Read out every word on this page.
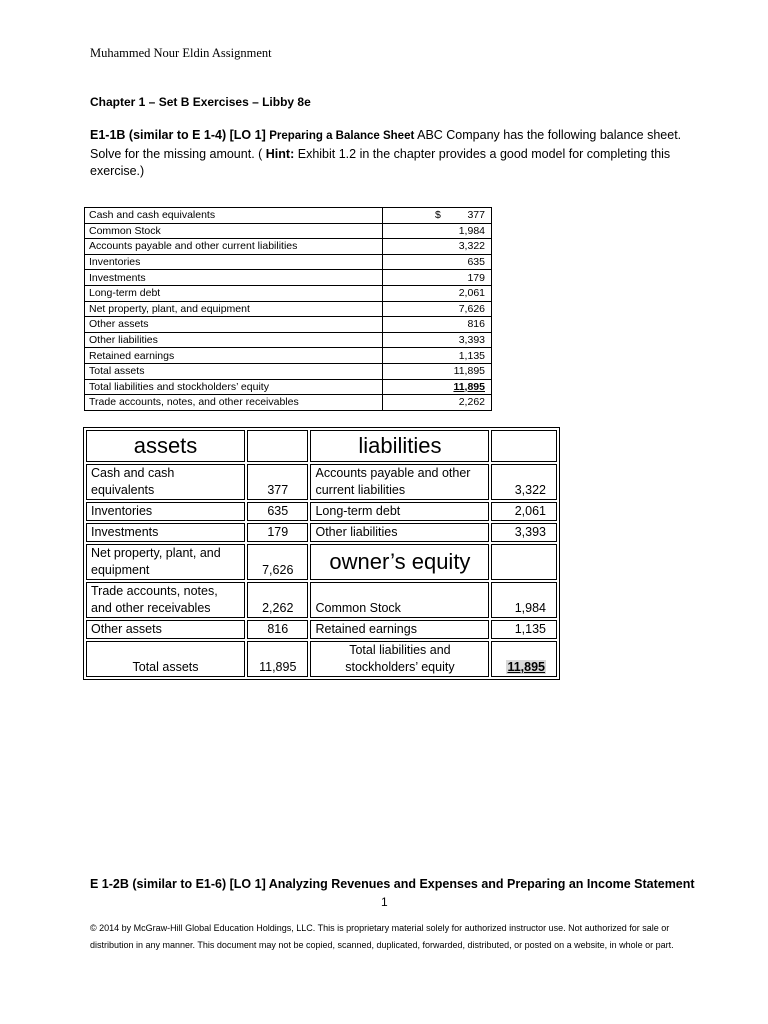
Muhammed Nour Eldin Assignment
Chapter 1 – Set B Exercises – Libby 8e
E1-1B (similar to E 1-4) [LO 1] Preparing a Balance Sheet ABC Company has the following balance sheet. Solve for the missing amount. ( Hint: Exhibit 1.2 in the chapter provides a good model for completing this exercise.)
Cash and cash equivalents	$ 377
Common Stock	1,984
Accounts payable and other current liabilities	3,322
Inventories	635
Investments	179
Long-term debt	2,061
Net property, plant, and equipment	7,626
Other assets	816
Other liabilities	3,393
Retained earnings	1,135
Total assets	11,895
Total liabilities and stockholders’ equity	11,895
Trade accounts, notes, and other receivables	2,262
assets		liabilities	
Cash and cash equivalents	377	Accounts payable and other current liabilities	3,322
Inventories	635	Long-term debt	2,061
Investments	179	Other liabilities	3,393
Net property, plant, and equipment	7,626	owner’s equity	
Trade accounts, notes, and other receivables	2,262	Common Stock	1,984
Other assets	816	Retained earnings	1,135
Total assets	11,895	Total liabilities and stockholders’ equity	11,895
E 1-2B (similar to E1-6) [LO 1] Analyzing Revenues and Expenses and Preparing an Income Statement
1
© 2014 by McGraw-Hill Global Education Holdings, LLC. This is proprietary material solely for authorized instructor use. Not authorized for sale or distribution in any manner. This document may not be copied, scanned, duplicated, forwarded, distributed, or posted on a website, in whole or part.
